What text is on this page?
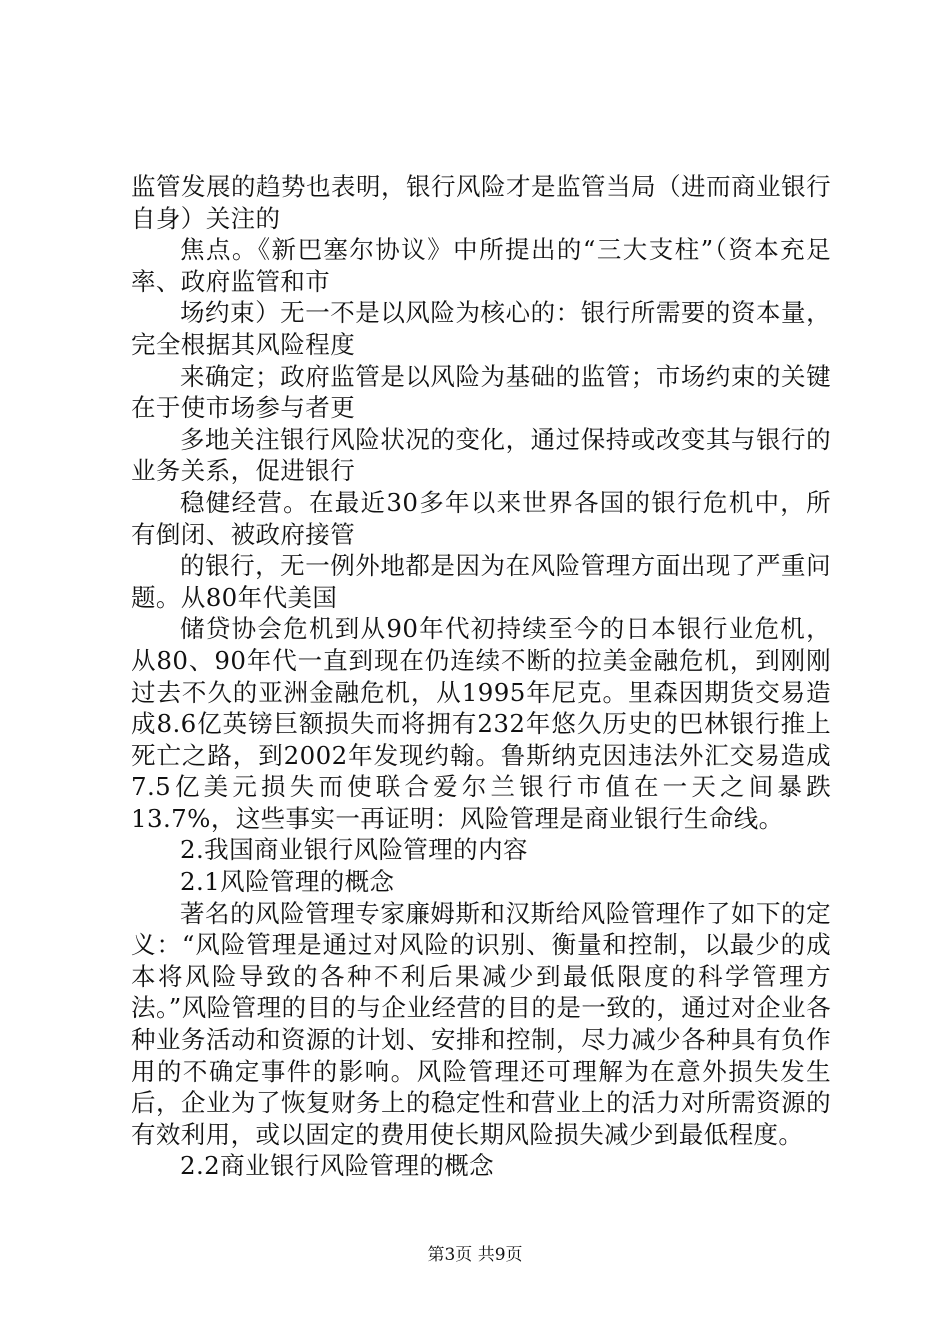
监管发展的趋势也表明，银行风险才是监管当局（进而商业银行自身）关注的

焦点。《新巴塞尔协议》中所提出的“三大支柱”（资本充足率、政府监管和市

场约束）无一不是以风险为核心的：银行所需要的资本量，完全根据其风险程度

来确定；政府监管是以风险为基础的监管；市场约束的关键在于使市场参与者更

多地关注银行风险状况的变化，通过保持或改变其与银行的业务关系，促进银行

稳健经营。在最近30多年以来世界各国的银行危机中，所有倒闭、被政府接管

的银行，无一例外地都是因为在风险管理方面出现了严重问题。从80年代美国

储贷协会危机到从90年代初持续至今的日本银行业危机，从80、90年代一直到现在仍连续不断的拉美金融危机，到刚刚过去不久的亚洲金融危机，从1995年尼克。里森因期货交易造成8.6亿英镑巨额损失而将拥有232年悠久历史的巴林银行推上死亡之路，到2002年发现约翰。鲁斯纳克因违法外汇交易造成7.5亿美元损失而使联合爱尔兰银行市值在一天之间暴跌13.7%，这些事实一再证明：风险管理是商业银行生命线。

2.我国商业银行风险管理的内容

2.1风险管理的概念

著名的风险管理专家廉姆斯和汉斯给风险管理作了如下的定义：“风险管理是通过对风险的识别、衡量和控制，以最少的成本将风险导致的各种不利后果减少到最低限度的科学管理方法。”风险管理的目的与企业经营的目的是一致的，通过对企业各种业务活动和资源的计划、安排和控制，尽力减少各种具有负作用的不确定事件的影响。风险管理还可理解为在意外损失发生后，企业为了恢复财务上的稳定性和营业上的活力对所需资源的有效利用，或以固定的费用使长期风险损失减少到最低程度。

2.2商业银行风险管理的概念

第3页 共9页
